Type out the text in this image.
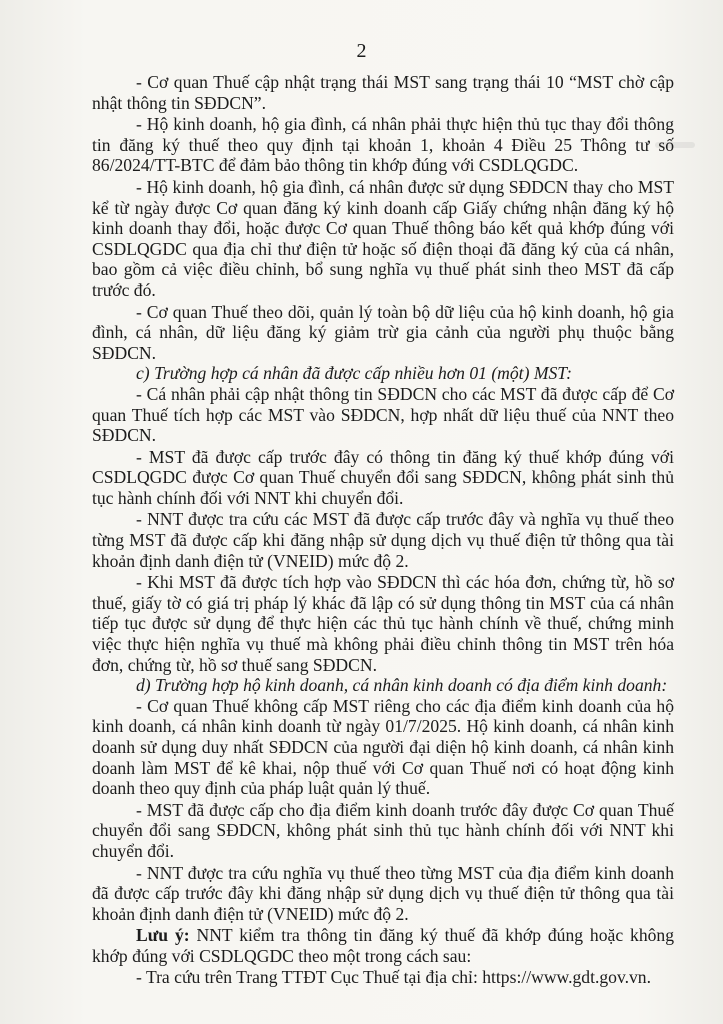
2

- Cơ quan Thuế cập nhật trạng thái MST sang trạng thái 10 “MST chờ cập nhật thông tin SĐDCN”.

- Hộ kinh doanh, hộ gia đình, cá nhân phải thực hiện thủ tục thay đổi thông tin đăng ký thuế theo quy định tại khoản 1, khoản 4 Điều 25 Thông tư số 86/2024/TT-BTC để đảm bảo thông tin khớp đúng với CSDLQGDC.

- Hộ kinh doanh, hộ gia đình, cá nhân được sử dụng SĐDCN thay cho MST kể từ ngày được Cơ quan đăng ký kinh doanh cấp Giấy chứng nhận đăng ký hộ kinh doanh thay đổi, hoặc được Cơ quan Thuế thông báo kết quả khớp đúng với CSDLQGDC qua địa chỉ thư điện tử hoặc số điện thoại đã đăng ký của cá nhân, bao gồm cả việc điều chỉnh, bổ sung nghĩa vụ thuế phát sinh theo MST đã cấp trước đó.

- Cơ quan Thuế theo dõi, quản lý toàn bộ dữ liệu của hộ kinh doanh, hộ gia đình, cá nhân, dữ liệu đăng ký giảm trừ gia cảnh của người phụ thuộc bằng SĐDCN.

c) Trường hợp cá nhân đã được cấp nhiều hơn 01 (một) MST:

- Cá nhân phải cập nhật thông tin SĐDCN cho các MST đã được cấp để Cơ quan Thuế tích hợp các MST vào SĐDCN, hợp nhất dữ liệu thuế của NNT theo SĐDCN.

- MST đã được cấp trước đây có thông tin đăng ký thuế khớp đúng với CSDLQGDC được Cơ quan Thuế chuyển đổi sang SĐDCN, không phát sinh thủ tục hành chính đối với NNT khi chuyển đổi.

- NNT được tra cứu các MST đã được cấp trước đây và nghĩa vụ thuế theo từng MST đã được cấp khi đăng nhập sử dụng dịch vụ thuế điện tử thông qua tài khoản định danh điện tử (VNEID) mức độ 2.

- Khi MST đã được tích hợp vào SĐDCN thì các hóa đơn, chứng từ, hồ sơ thuế, giấy tờ có giá trị pháp lý khác đã lập có sử dụng thông tin MST của cá nhân tiếp tục được sử dụng để thực hiện các thủ tục hành chính về thuế, chứng minh việc thực hiện nghĩa vụ thuế mà không phải điều chỉnh thông tin MST trên hóa đơn, chứng từ, hồ sơ thuế sang SĐDCN.

d) Trường hợp hộ kinh doanh, cá nhân kinh doanh có địa điểm kinh doanh:

- Cơ quan Thuế không cấp MST riêng cho các địa điểm kinh doanh của hộ kinh doanh, cá nhân kinh doanh từ ngày 01/7/2025. Hộ kinh doanh, cá nhân kinh doanh sử dụng duy nhất SĐDCN của người đại diện hộ kinh doanh, cá nhân kinh doanh làm MST để kê khai, nộp thuế với Cơ quan Thuế nơi có hoạt động kinh doanh theo quy định của pháp luật quản lý thuế.

- MST đã được cấp cho địa điểm kinh doanh trước đây được Cơ quan Thuế chuyển đổi sang SĐDCN, không phát sinh thủ tục hành chính đối với NNT khi chuyển đổi.

- NNT được tra cứu nghĩa vụ thuế theo từng MST của địa điểm kinh doanh đã được cấp trước đây khi đăng nhập sử dụng dịch vụ thuế điện tử thông qua tài khoản định danh điện tử (VNEID) mức độ 2.

Lưu ý: NNT kiểm tra thông tin đăng ký thuế đã khớp đúng hoặc không khớp đúng với CSDLQGDC theo một trong cách sau:

- Tra cứu trên Trang TTĐT Cục Thuế tại địa chỉ: https://www.gdt.gov.vn.
